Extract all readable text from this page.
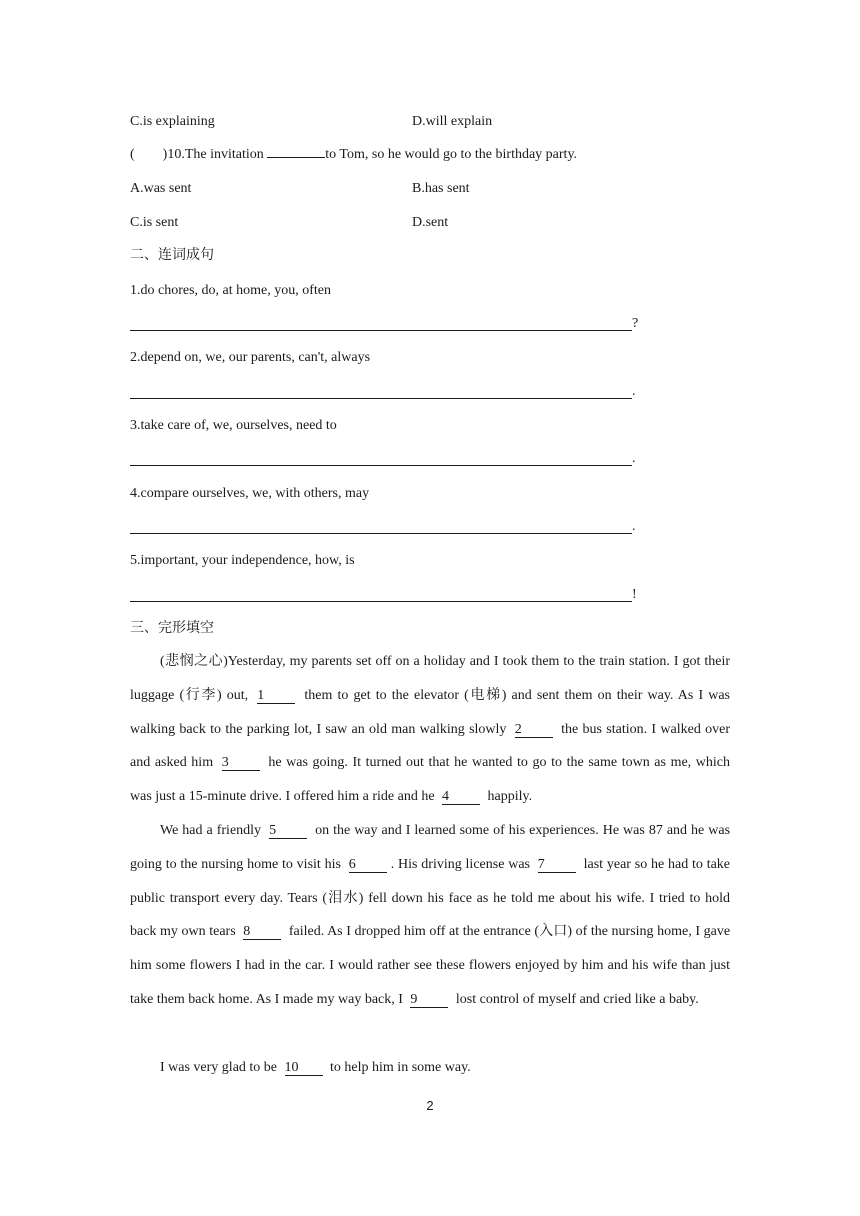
C.is explaining	D.will explain
(        )10.The invitation	to Tom, so he would go to the birthday party.
A.was sent	B.has sent
C.is sent	D.sent
二、连词成句
1.do chores, do, at home, you, often
?
2.depend on, we, our parents, can't, always
.
3.take care of, we, ourselves, need to
.
4.compare ourselves, we, with others, may
.
5.important, your independence, how, is
!
三、完形填空
(悲悯之心)Yesterday, my parents set off on a holiday and I took them to the train station. I got their luggage (行李) out, 1	them to get to the elevator (电梯) and sent them on their way. As I was walking back to the parking lot, I saw an old man walking slowly 2	the bus station. I walked over and asked him 3	he was going. It turned out that he wanted to go to the same town as me, which was just a 15-minute drive. I offered him a ride and he 4	happily.
We had a friendly 5	on the way and I learned some of his experiences. He was 87 and he was going to the nursing home to visit his 6	. His driving license was 7	last year so he had to take public transport every day. Tears (泪水) fell down his face as he told me about his wife. I tried to hold back my own tears 8	failed. As I dropped him off at the entrance (入口) of the nursing home, I gave him some flowers I had in the car. I would rather see these flowers enjoyed by him and his wife than just take them back home. As I made my way back, I 9	lost control of myself and cried like a baby.
I was very glad to be 10 to help him in some way.
2
